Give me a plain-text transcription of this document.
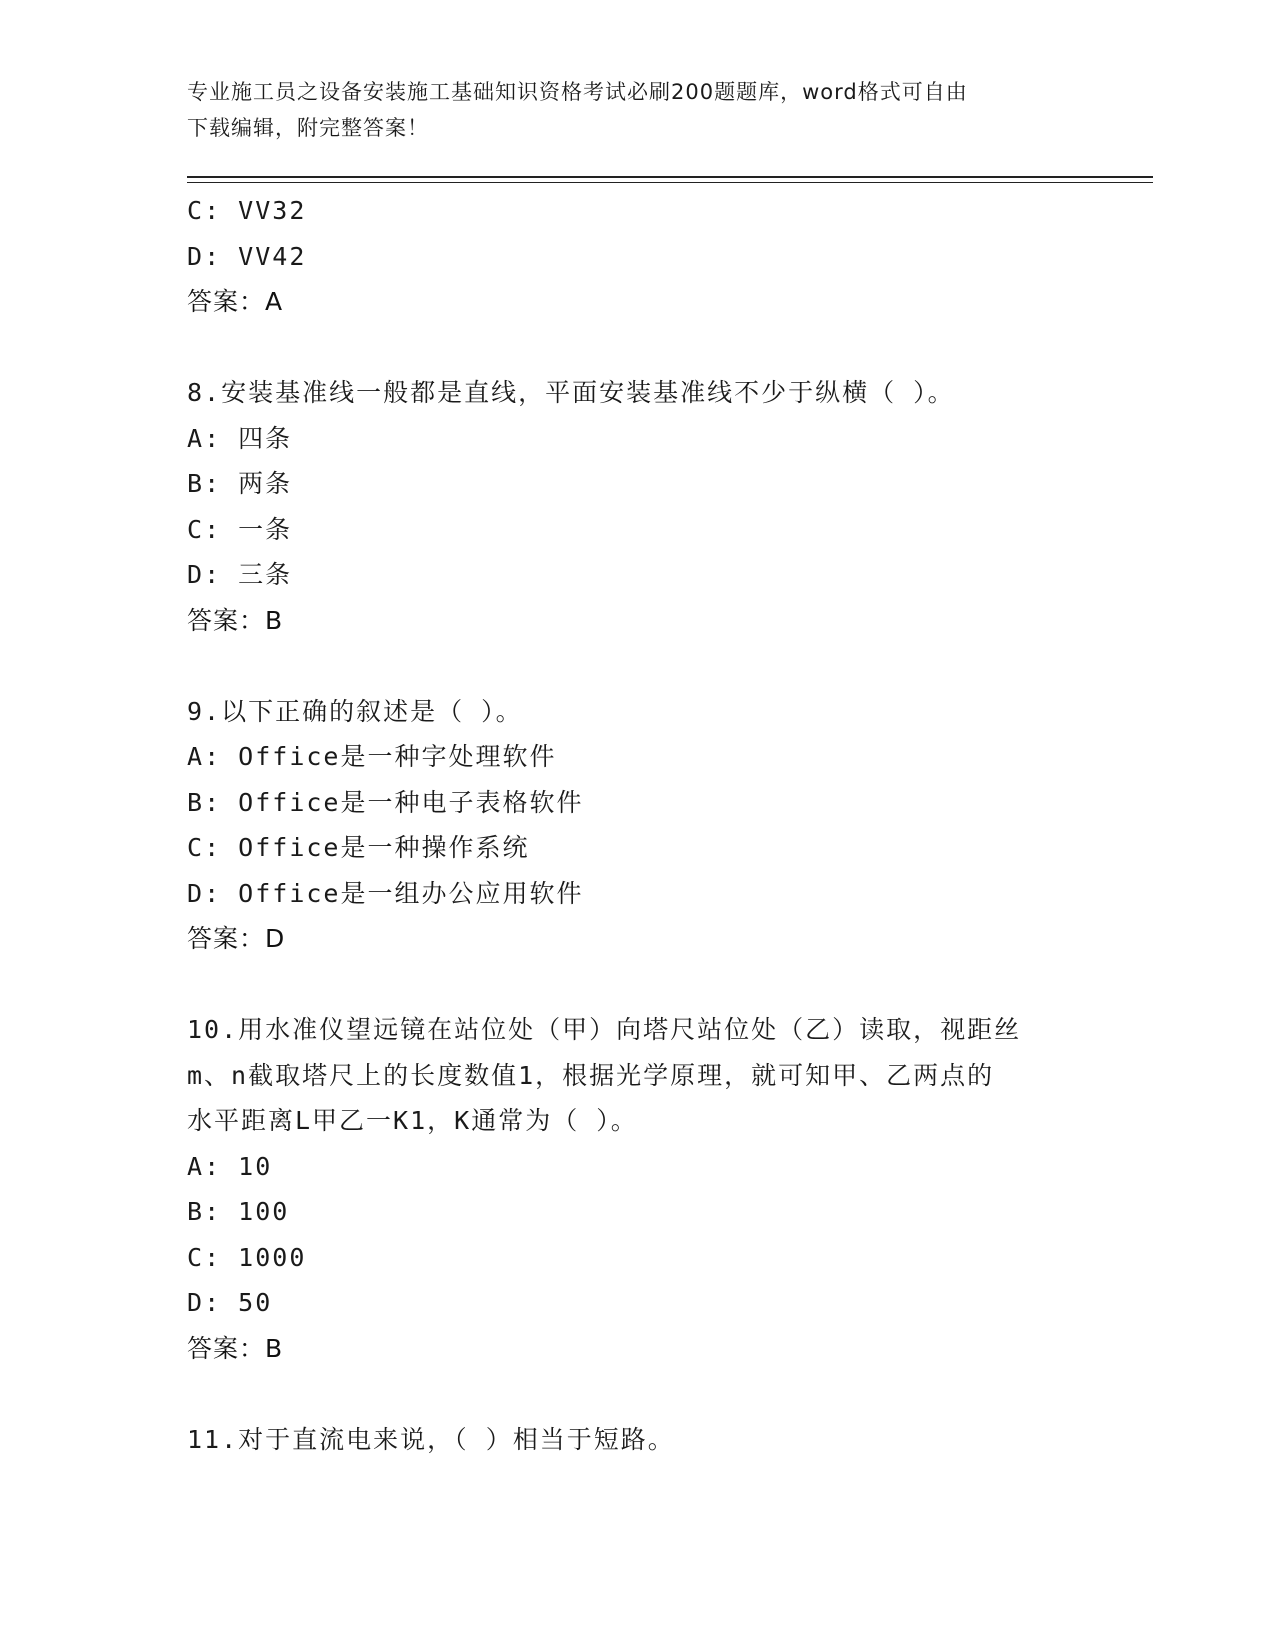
专业施工员之设备安装施工基础知识资格考试必刷200题题库，word格式可自由
下载编辑，附完整答案！
C: VV32
D: VV42
答案：A
8.安装基准线一般都是直线，平面安装基准线不少于纵横（ ）。
A: 四条
B: 两条
C: 一条
D: 三条
答案：B
9.以下正确的叙述是（ ）。
A: Office是一种字处理软件
B: Office是一种电子表格软件
C: Office是一种操作系统
D: Office是一组办公应用软件
答案：D
10.用水准仪望远镜在站位处（甲）向塔尺站位处（乙）读取，视距丝
m、n截取塔尺上的长度数值1，根据光学原理，就可知甲、乙两点的
水平距离L甲乙一K1，K通常为（ ）。
A: 10
B: 100
C: 1000
D: 50
答案：B
11.对于直流电来说，（ ）相当于短路。
